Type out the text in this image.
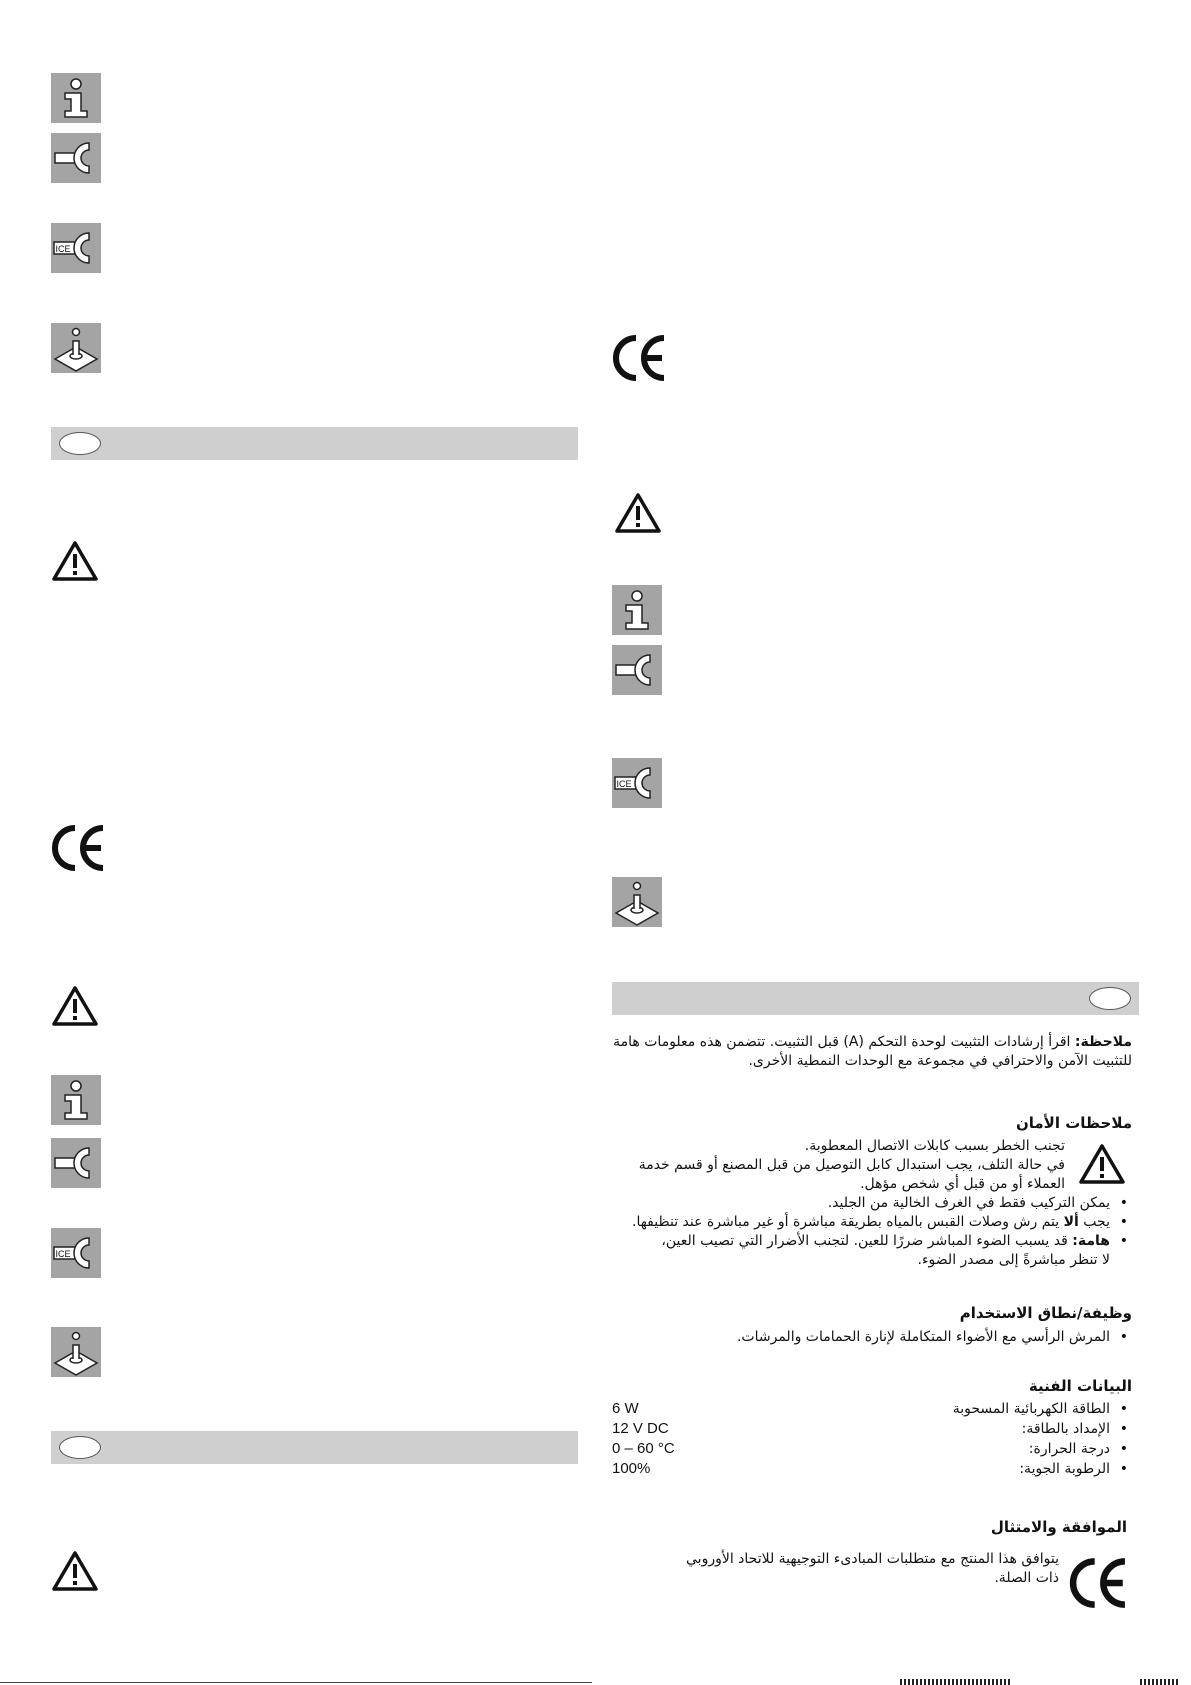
ICE
ICE
ICE
ملاحظة: اقرأ إرشادات التثبيت لوحدة التحكم (A) قبل التثبيت. تتضمن هذه معلومات هامة
للتثبيت الآمن والاحترافي في مجموعة مع الوحدات النمطية الأخرى.
ملاحظات الأمان
تجنب الخطر بسبب كابلات الاتصال المعطوبة.
في حالة التلف، يجب استبدال كابل التوصيل من قبل المصنع أو قسم خدمة
العملاء أو من قبل أي شخص مؤهل.
• يمكن التركيب فقط في الغرف الخالية من الجليد.
• يجب ألا يتم رش وصلات القبس بالمياه بطريقة مباشرة أو غير مباشرة عند تنظيفها.
• هامة: قد يسبب الضوء المباشر ضررًا للعين. لتجنب الأضرار التي تصيب العين،
لا تنظر مباشرةً إلى مصدر الضوء.
وظيفة/نطاق الاستخدام
• المرش الرأسي مع الأضواء المتكاملة لإنارة الحمامات والمرشات.
البيانات الفنية
6 W	• الطاقة الكهربائية المسحوبة
12 V DC	• الإمداد بالطاقة:
0 – 60 °C	• درجة الحرارة:
100%	• الرطوبة الجوية:
الموافقة والامتثال
يتوافق هذا المنتج مع متطلبات المبادىء التوجيهية للاتحاد الأوروبي
ذات الصلة.
